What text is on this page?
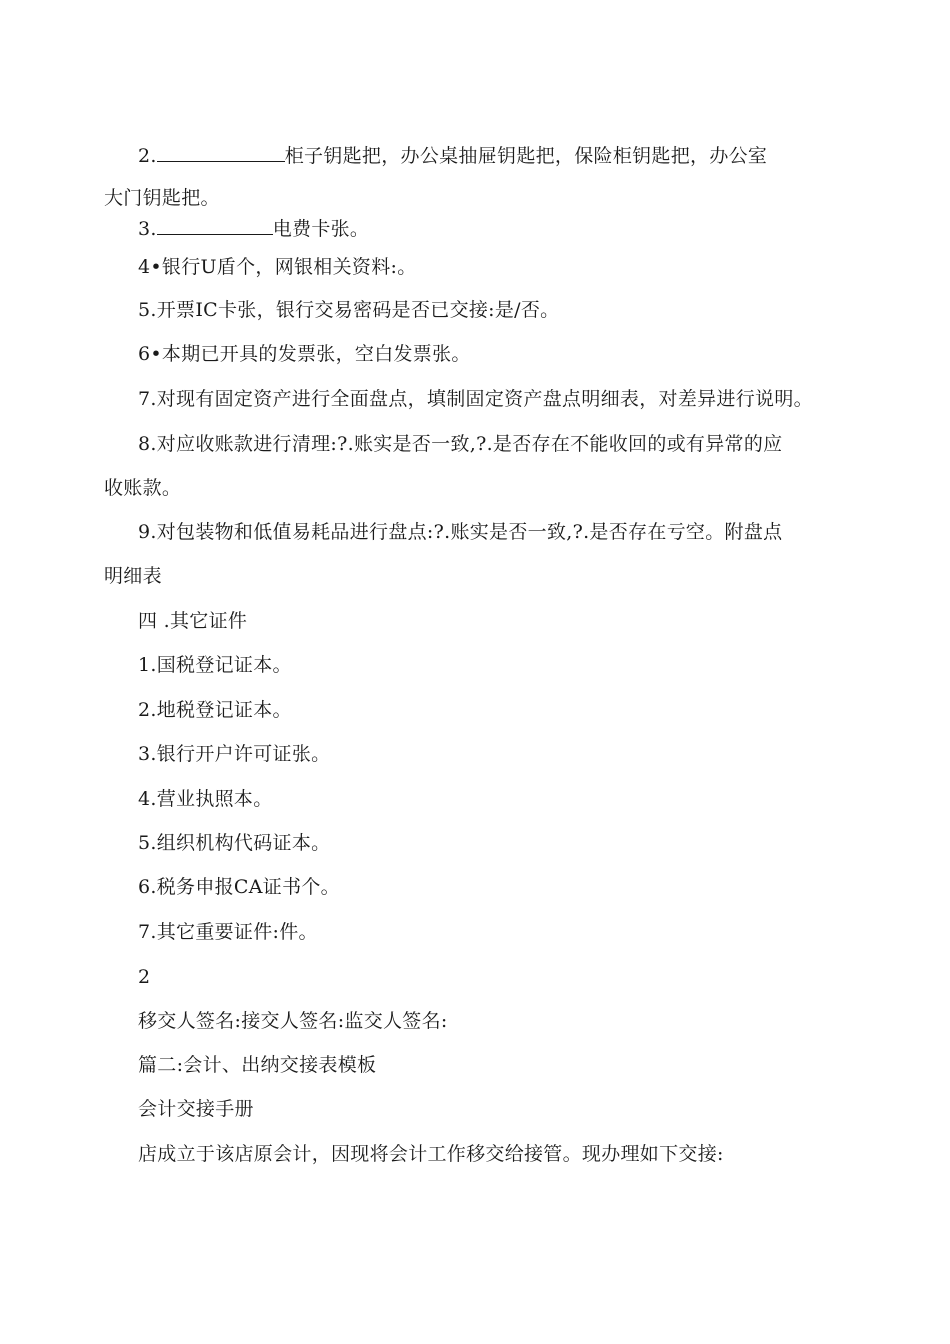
2.	柜子钥匙把，办公桌抽屉钥匙把，保险柜钥匙把，办公室
大门钥匙把。
3.	电费卡张。
4•银行U盾个，网银相关资料:。
5.开票IC卡张，银行交易密码是否已交接:是/否。
6•本期已开具的发票张，空白发票张。
7.对现有固定资产进行全面盘点，填制固定资产盘点明细表，对差异进行说明。
8.对应收账款进行清理:?.账实是否一致,?.是否存在不能收回的或有异常的应
收账款。
9.对包装物和低值易耗品进行盘点:?.账实是否一致,?.是否存在亏空。附盘点
明细表
四 .其它证件
1.国税登记证本。
2.地税登记证本。
3.银行开户许可证张。
4.营业执照本。
5.组织机构代码证本。
6.税务申报CA证书个。
7.其它重要证件:件。
2
移交人签名:接交人签名:监交人签名:
篇二:会计、出纳交接表模板
会计交接手册
店成立于该店原会计，因现将会计工作移交给接管。现办理如下交接:
